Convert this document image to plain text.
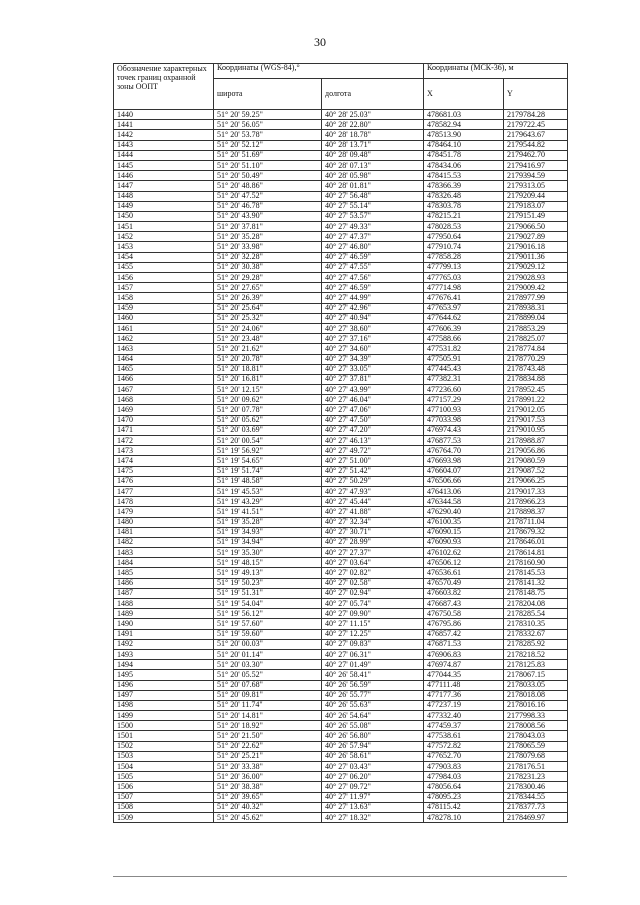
30
Обозначение характерных точек границ охранной зоны ООПТ	Координаты (WGS-84),°		Координаты (МСК-36), м	
	широта	долгота	X	Y
1440	51° 20' 59.25"	40° 28' 25.03"	478681.03	2179784.28
1441	51° 20' 56.05"	40° 28' 22.80"	478582.94	2179722.45
1442	51° 20' 53.78"	40° 28' 18.78"	478513.90	2179643.67
1443	51° 20' 52.12"	40° 28' 13.71"	478464.10	2179544.82
1444	51° 20' 51.69"	40° 28' 09.48"	478451.78	2179462.70
1445	51° 20' 51.10"	40° 28' 07.13"	478434.06	2179416.97
1446	51° 20' 50.49"	40° 28' 05.98"	478415.53	2179394.59
1447	51° 20' 48.86"	40° 28' 01.81"	478366.39	2179313.05
1448	51° 20' 47.52"	40° 27' 56.48"	478326.48	2179209.44
1449	51° 20' 46.78"	40° 27' 55.14"	478303.78	2179183.07
1450	51° 20' 43.90"	40° 27' 53.57"	478215.21	2179151.49
1451	51° 20' 37.81"	40° 27' 49.33"	478028.53	2179066.50
1452	51° 20' 35.28"	40° 27' 47.37"	477950.64	2179027.89
1453	51° 20' 33.98"	40° 27' 46.80"	477910.74	2179016.18
1454	51° 20' 32.28"	40° 27' 46.59"	477858.28	2179011.36
1455	51° 20' 30.38"	40° 27' 47.55"	477799.13	2179029.12
1456	51° 20' 29.28"	40° 27' 47.56"	477765.03	2179028.93
1457	51° 20' 27.65"	40° 27' 46.59"	477714.98	2179009.42
1458	51° 20' 26.39"	40° 27' 44.99"	477676.41	2178977.99
1459	51° 20' 25.64"	40° 27' 42.96"	477653.97	2178938.31
1460	51° 20' 25.32"	40° 27' 40.94"	477644.62	2178899.04
1461	51° 20' 24.06"	40° 27' 38.60"	477606.39	2178853.29
1462	51° 20' 23.48"	40° 27' 37.16"	477588.66	2178825.07
1463	51° 20' 21.62"	40° 27' 34.60"	477531.82	2178774.84
1464	51° 20' 20.78"	40° 27' 34.39"	477505.91	2178770.29
1465	51° 20' 18.81"	40° 27' 33.05"	477445.43	2178743.48
1466	51° 20' 16.81"	40° 27' 37.81"	477382.31	2178834.88
1467	51° 20' 12.15"	40° 27' 43.99"	477236.60	2178952.45
1468	51° 20' 09.62"	40° 27' 46.04"	477157.29	2178991.22
1469	51° 20' 07.78"	40° 27' 47.06"	477100.93	2179012.05
1470	51° 20' 05.62"	40° 27' 47.50"	477033.98	2179017.53
1471	51° 20' 03.69"	40° 27' 47.20"	476974.43	2179010.95
1472	51° 20' 00.54"	40° 27' 46.13"	476877.53	2178988.87
1473	51° 19' 56.92"	40° 27' 49.72"	476764.70	2179056.86
1474	51° 19' 54.65"	40° 27' 51.00"	476693.98	2179080.59
1475	51° 19' 51.74"	40° 27' 51.42"	476604.07	2179087.52
1476	51° 19' 48.58"	40° 27' 50.29"	476506.66	2179066.25
1477	51° 19' 45.53"	40° 27' 47.93"	476413.06	2179017.33
1478	51° 19' 43.29"	40° 27' 45.44"	476344.58	2178966.23
1479	51° 19' 41.51"	40° 27' 41.88"	476290.40	2178898.37
1480	51° 19' 35.28"	40° 27' 32.34"	476100.35	2178711.04
1481	51° 19' 34.93"	40° 27' 30.71"	476090.15	2178679.32
1482	51° 19' 34.94"	40° 27' 28.99"	476090.93	2178646.01
1483	51° 19' 35.30"	40° 27' 27.37"	476102.62	2178614.81
1484	51° 19' 48.15"	40° 27' 03.64"	476506.12	2178160.90
1485	51° 19' 49.13"	40° 27' 02.82"	476536.61	2178145.53
1486	51° 19' 50.23"	40° 27' 02.58"	476570.49	2178141.32
1487	51° 19' 51.31"	40° 27' 02.94"	476603.82	2178148.75
1488	51° 19' 54.04"	40° 27' 05.74"	476687.43	2178204.08
1489	51° 19' 56.12"	40° 27' 09.90"	476750.58	2178285.54
1490	51° 19' 57.60"	40° 27' 11.15"	476795.86	2178310.35
1491	51° 19' 59.60"	40° 27' 12.25"	476857.42	2178332.67
1492	51° 20' 00.03"	40° 27' 09.83"	476871.53	2178285.92
1493	51° 20' 01.14"	40° 27' 06.31"	476906.83	2178218.52
1494	51° 20' 03.30"	40° 27' 01.49"	476974.87	2178125.83
1495	51° 20' 05.52"	40° 26' 58.41"	477044.35	2178067.15
1496	51° 20' 07.68"	40° 26' 56.59"	477111.48	2178033.05
1497	51° 20' 09.81"	40° 26' 55.77"	477177.36	2178018.08
1498	51° 20' 11.74"	40° 26' 55.63"	477237.19	2178016.16
1499	51° 20' 14.81"	40° 26' 54.64"	477332.40	2177998.33
1500	51° 20' 18.92"	40° 26' 55.08"	477459.37	2178008.56
1501	51° 20' 21.50"	40° 26' 56.80"	477538.61	2178043.03
1502	51° 20' 22.62"	40° 26' 57.94"	477572.82	2178065.59
1503	51° 20' 25.21"	40° 26' 58.61"	477652.70	2178079.68
1504	51° 20' 33.38"	40° 27' 03.43"	477903.83	2178176.51
1505	51° 20' 36.00"	40° 27' 06.20"	477984.03	2178231.23
1506	51° 20' 38.38"	40° 27' 09.72"	478056.64	2178300.46
1507	51° 20' 39.65"	40° 27' 11.97"	478095.23	2178344.55
1508	51° 20' 40.32"	40° 27' 13.63"	478115.42	2178377.73
1509	51° 20' 45.62"	40° 27' 18.32"	478278.10	2178469.97
